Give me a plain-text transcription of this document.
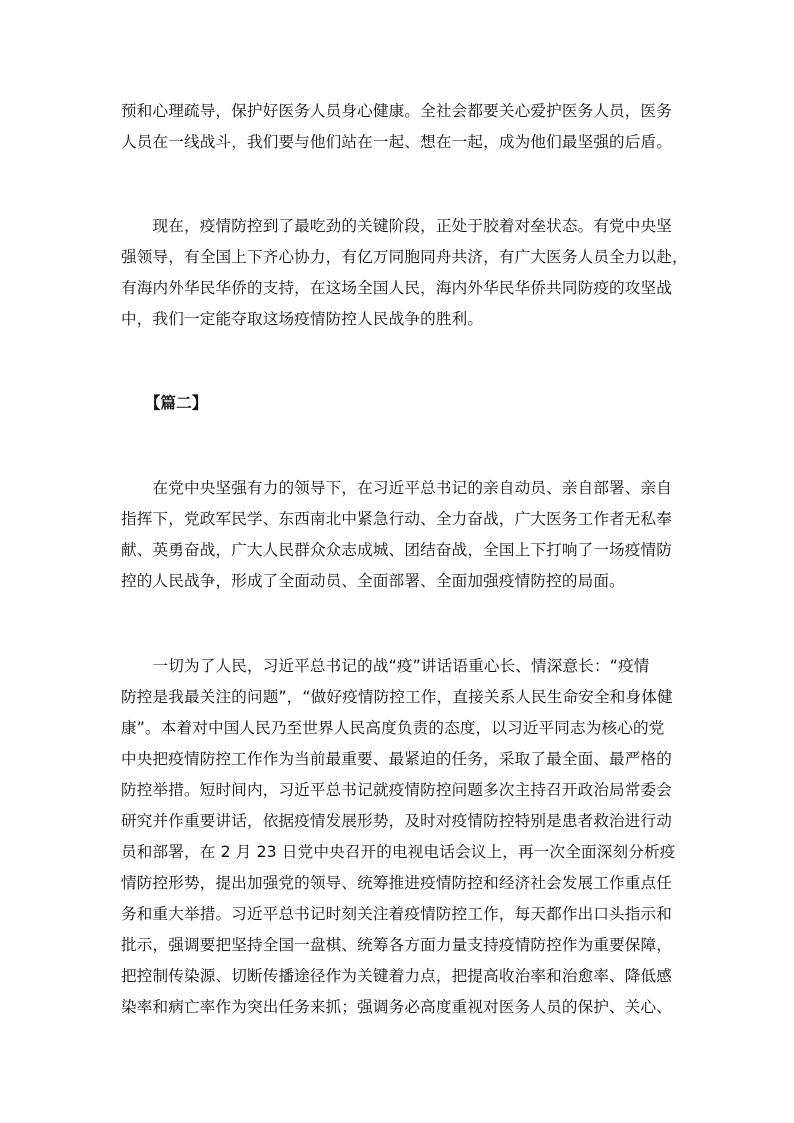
预和心理疏导，保护好医务人员身心健康。全社会都要关心爱护医务人员，医务
人员在一线战斗，我们要与他们站在一起、想在一起，成为他们最坚强的后盾。
　　现在，疫情防控到了最吃劲的关键阶段，正处于胶着对垒状态。有党中央坚
强领导，有全国上下齐心协力，有亿万同胞同舟共济，有广大医务人员全力以赴，
有海内外华民华侨的支持，在这场全国人民，海内外华民华侨共同防疫的攻坚战
中，我们一定能夺取这场疫情防控人民战争的胜利。
　　【篇二】
　　在党中央坚强有力的领导下，在习近平总书记的亲自动员、亲自部署、亲自
指挥下，党政军民学、东西南北中紧急行动、全力奋战，广大医务工作者无私奉
献、英勇奋战，广大人民群众众志成城、团结奋战，全国上下打响了一场疫情防
控的人民战争，形成了全面动员、全面部署、全面加强疫情防控的局面。
　　一切为了人民，习近平总书记的战“疫”讲话语重心长、情深意长：“疫情
防控是我最关注的问题”，“做好疫情防控工作，直接关系人民生命安全和身体健
康”。本着对中国人民乃至世界人民高度负责的态度，以习近平同志为核心的党
中央把疫情防控工作作为当前最重要、最紧迫的任务，采取了最全面、最严格的
防控举措。短时间内，习近平总书记就疫情防控问题多次主持召开政治局常委会
研究并作重要讲话，依据疫情发展形势，及时对疫情防控特别是患者救治进行动
员和部署，在 2 月 23 日党中央召开的电视电话会议上，再一次全面深刻分析疫
情防控形势，提出加强党的领导、统筹推进疫情防控和经济社会发展工作重点任
务和重大举措。习近平总书记时刻关注着疫情防控工作，每天都作出口头指示和
批示，强调要把坚持全国一盘棋、统筹各方面力量支持疫情防控作为重要保障，
把控制传染源、切断传播途径作为关键着力点，把提高收治率和治愈率、降低感
染率和病亡率作为突出任务来抓；强调务必高度重视对医务人员的保护、关心、
